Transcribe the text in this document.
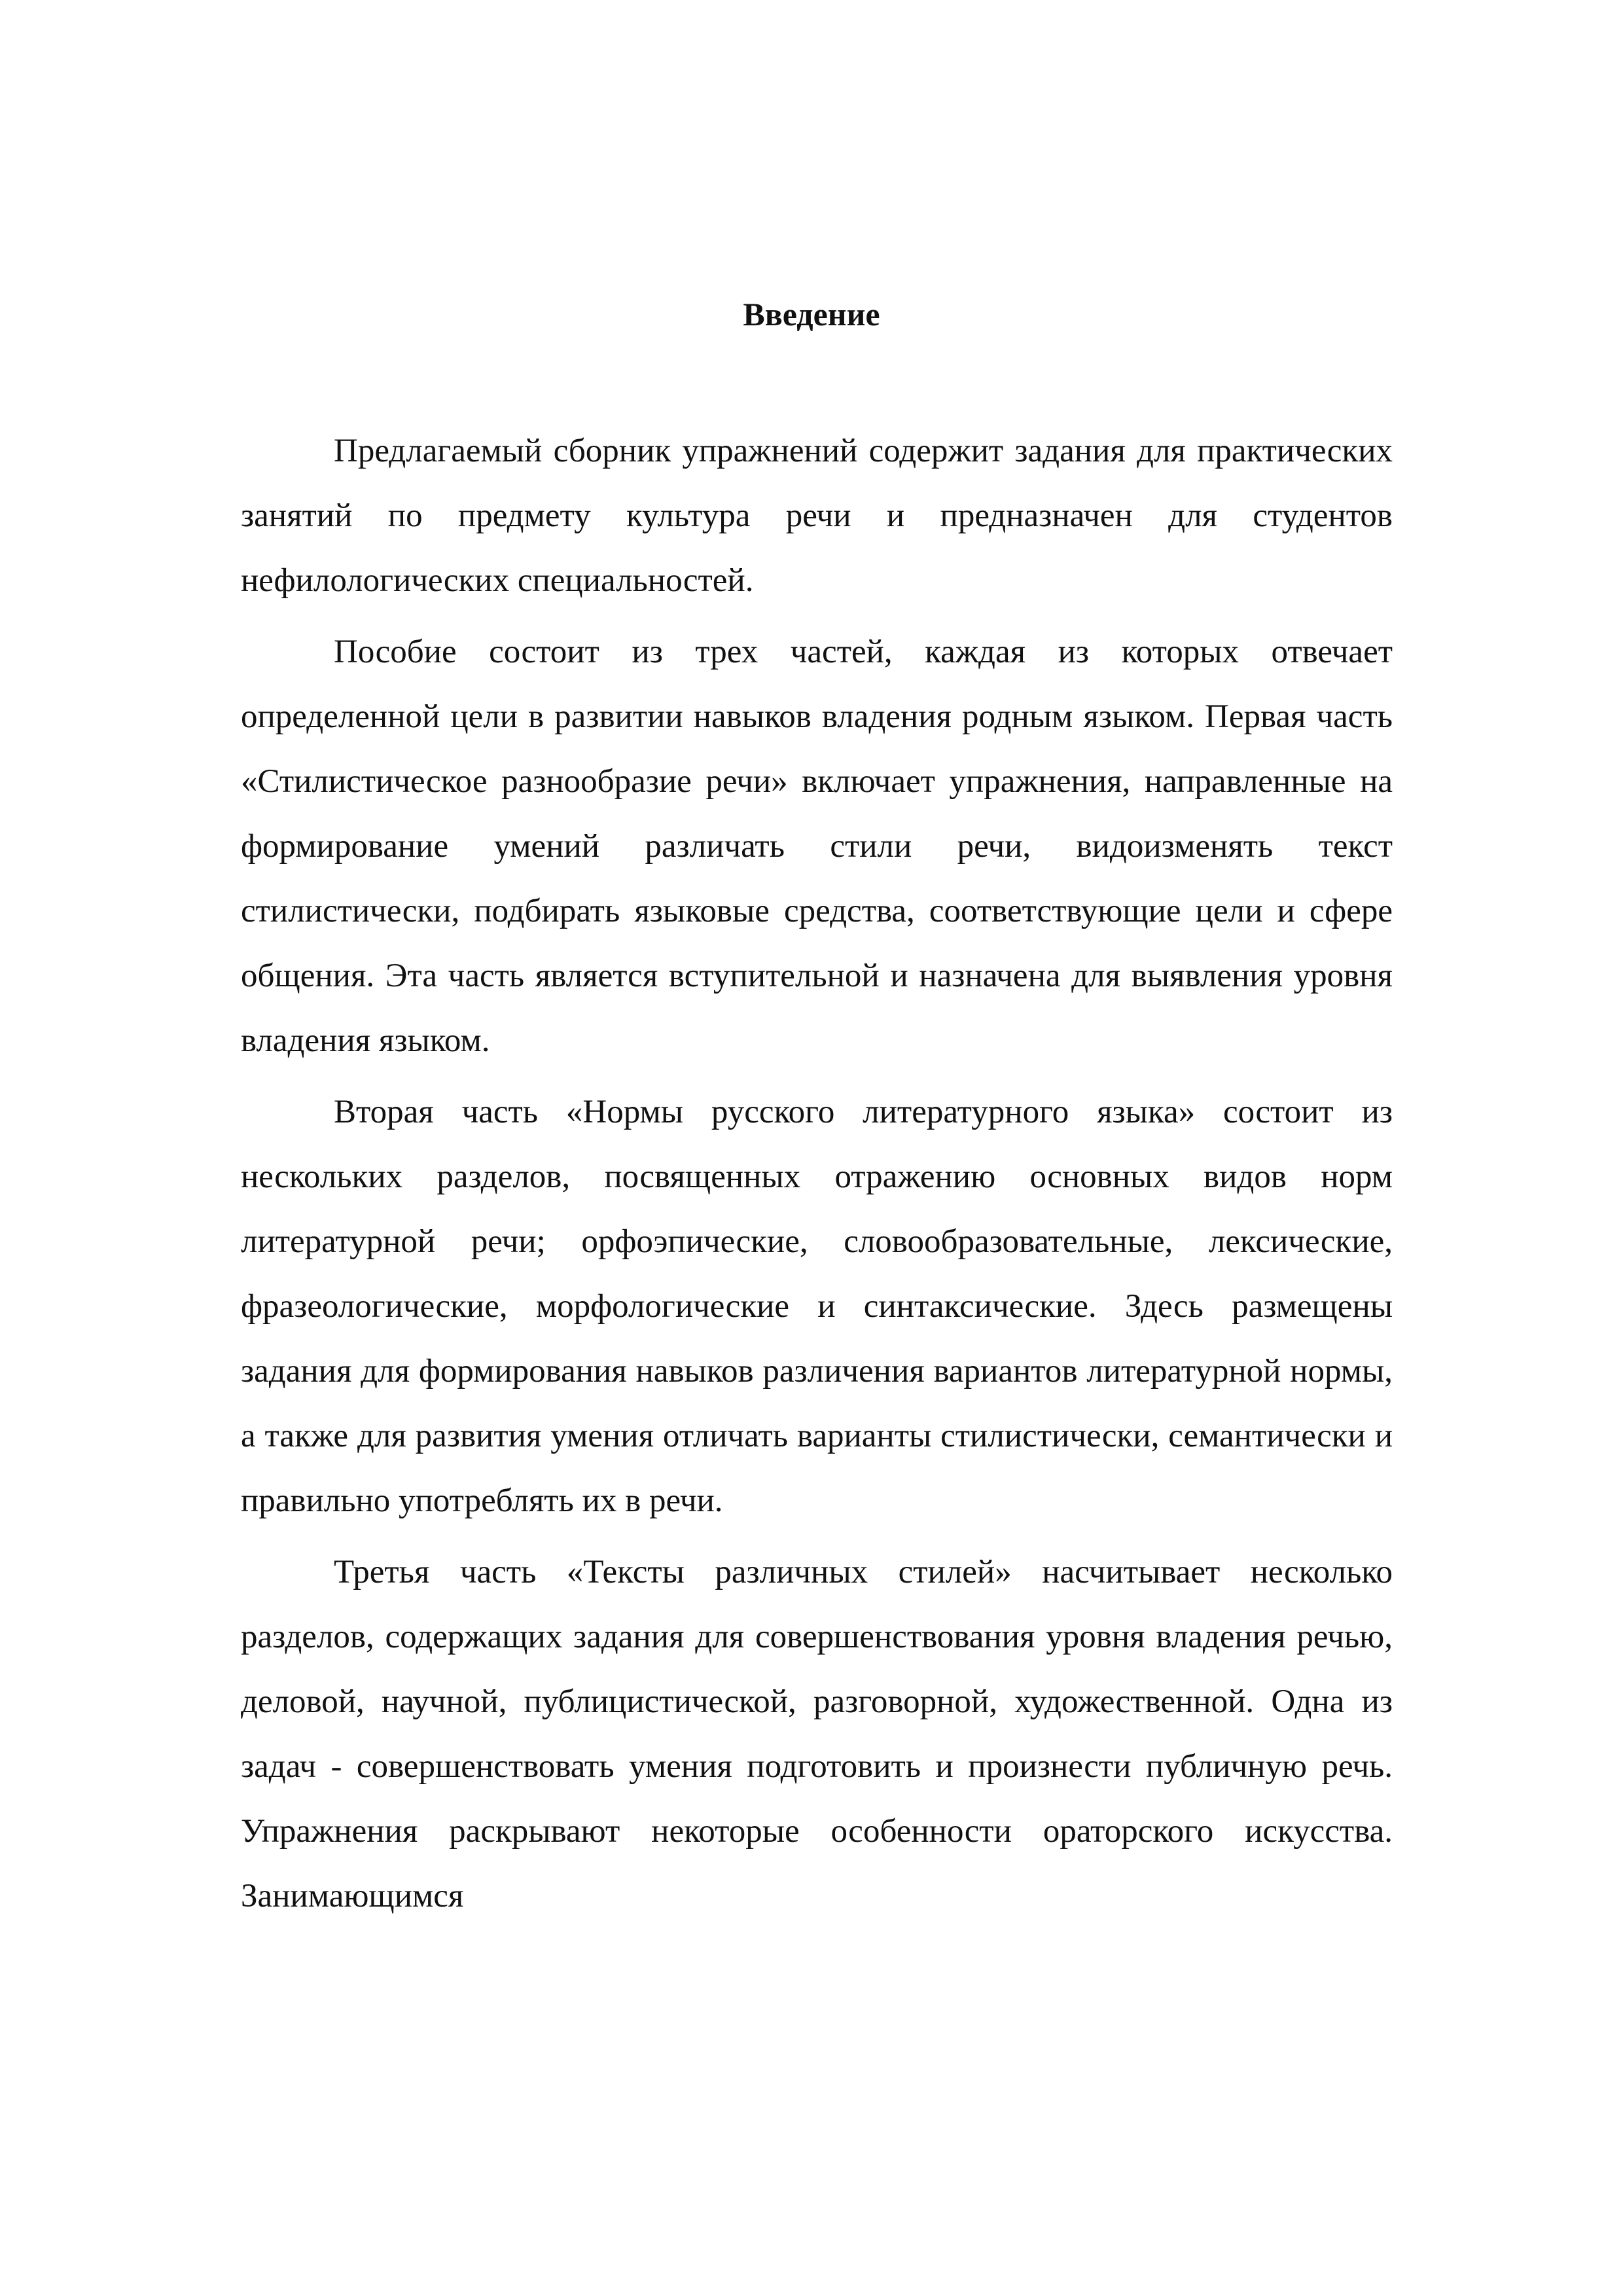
Введение

Предлагаемый сборник упражнений содержит задания для практических занятий по предмету культура речи и предназначен для студентов нефилологических специальностей.

Пособие состоит из трех частей, каждая из которых отвечает определенной цели в развитии навыков владения родным языком. Первая часть «Стилистическое разнообразие речи» включает упражнения, направленные на формирование умений различать стили речи, видоизменять текст стилистически, подбирать языковые средства, соответствующие цели и сфере общения. Эта часть является вступительной и назначена для выявления уровня владения языком.

Вторая часть «Нормы русского литературного языка» состоит из нескольких разделов, посвященных отражению основных видов норм литературной речи; орфоэпические, словообразовательные, лексические, фразеологические, морфологические и синтаксические. Здесь размещены задания для формирования навыков различения вариантов литературной нормы, а также для развития умения отличать варианты стилистически, семантически и правильно употреблять их в речи.

Третья часть «Тексты различных стилей» насчитывает несколько разделов, содержащих задания для совершенствования уровня владения речью, деловой, научной, публицистической, разговорной, художественной. Одна из задач - совершенствовать умения подготовить и произнести публичную речь. Упражнения раскрывают некоторые особенности ораторского искусства. Занимающимся
